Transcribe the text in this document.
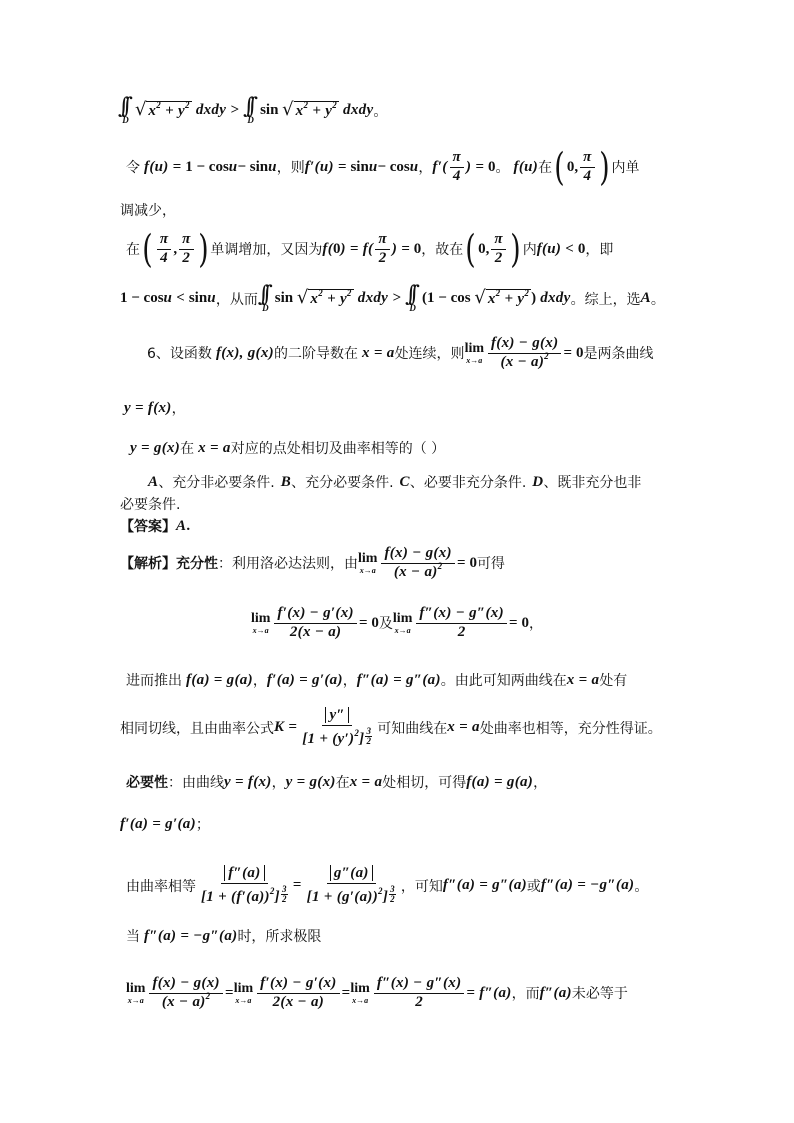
∫∫
D
√ $x^2 + y^2$ dxdy > ∫∫
D
sin √ $x^2 + y^2$ dxdy 。
令 f(u) = 1 − cos u − sin u ，则 f′(u) = sin u − cos u ， $f'( \frac{\pi}{4}$ ) = 0 。 f(u) 在 ( 0, $\frac{\pi}{4}$ ) 内单
调减少，
在 ( $\frac{\pi}{4}$ , $\frac{\pi}{2}$ ) 单调增加，又因为 f( 0 ) = $f( \frac{\pi}{2}$ ) = 0 ，故在 ( 0, $\frac{\pi}{2}$ ) 内 f(u) < 0 ，即
1 − cos u < sin u ，从而 ∫∫
D
sin √ $x^2 + y^2$ dxdy > ∫∫
D
(1 − cos √ $x^2 + y^2$ ) dxdy 。综上，选 A 。
6、设函数 f(x), g(x) 的二阶导数在 x = a 处连续，则 lim
$x\to a \frac{f(x) - g(x)}{(x - a)^2} = 0$ 是两条曲线
y = f(x) ，
y = g(x) 在 x = a 对应的点处相切及曲率相等的（ ）
A 、充分非必要条件. B 、充分必要条件. C 、必要非充分条件. D 、既非充分也非
必要条件.
【答案】 A .
【解析】 充分性 ：利用洛必达法则，由 lim
$x\to a \frac{f(x) - g(x)}{(x - a)^2} = 0$ 可得
lim
$x\to a \frac{f'(x) - g'(x)}{2(x - a)} = 0$ 及 lim
$x\to a \frac{f''(x) - g''(x)}{2} = 0$ ，
进而推出 f(a) = g(a) ， f′(a) = g′(a) ， f″(a) = g″(a) 。由此可知两曲线在 x = a 处有
相同切线，且由曲率公式 $K = \frac{y''}{[1 + (y')^2] \frac{3}{2}}$ 可知曲线在 x = a 处曲率也相等，充分性得证。
必要性 ：由曲线 y = f(x) ， y = g(x) 在 x = a 处相切，可得 f(a) = g(a) ，
f′(a) = g′(a) ；
由曲率相等 $\frac{f''(a)}{[1 + (f'(a))^2] \frac{3}{2}} = \frac{g''(a)}{[1 + (g'(a))^2] \frac{3}{2}}$ ，可知 f″(a) = g″(a) 或 f″(a) = −g″(a) 。
当 f″(a) = −g″(a) 时，所求极限
lim
$x\to a \frac{f(x) - g(x)}{(x - a)^2} = \lim$
$x\to a \frac{f'(x) - g'(x)}{2(x - a)} = \lim$
$x\to a \frac{f''(x) - g''(x)}{2} = f''(a)$ ，而 f″(a) 未必等于
